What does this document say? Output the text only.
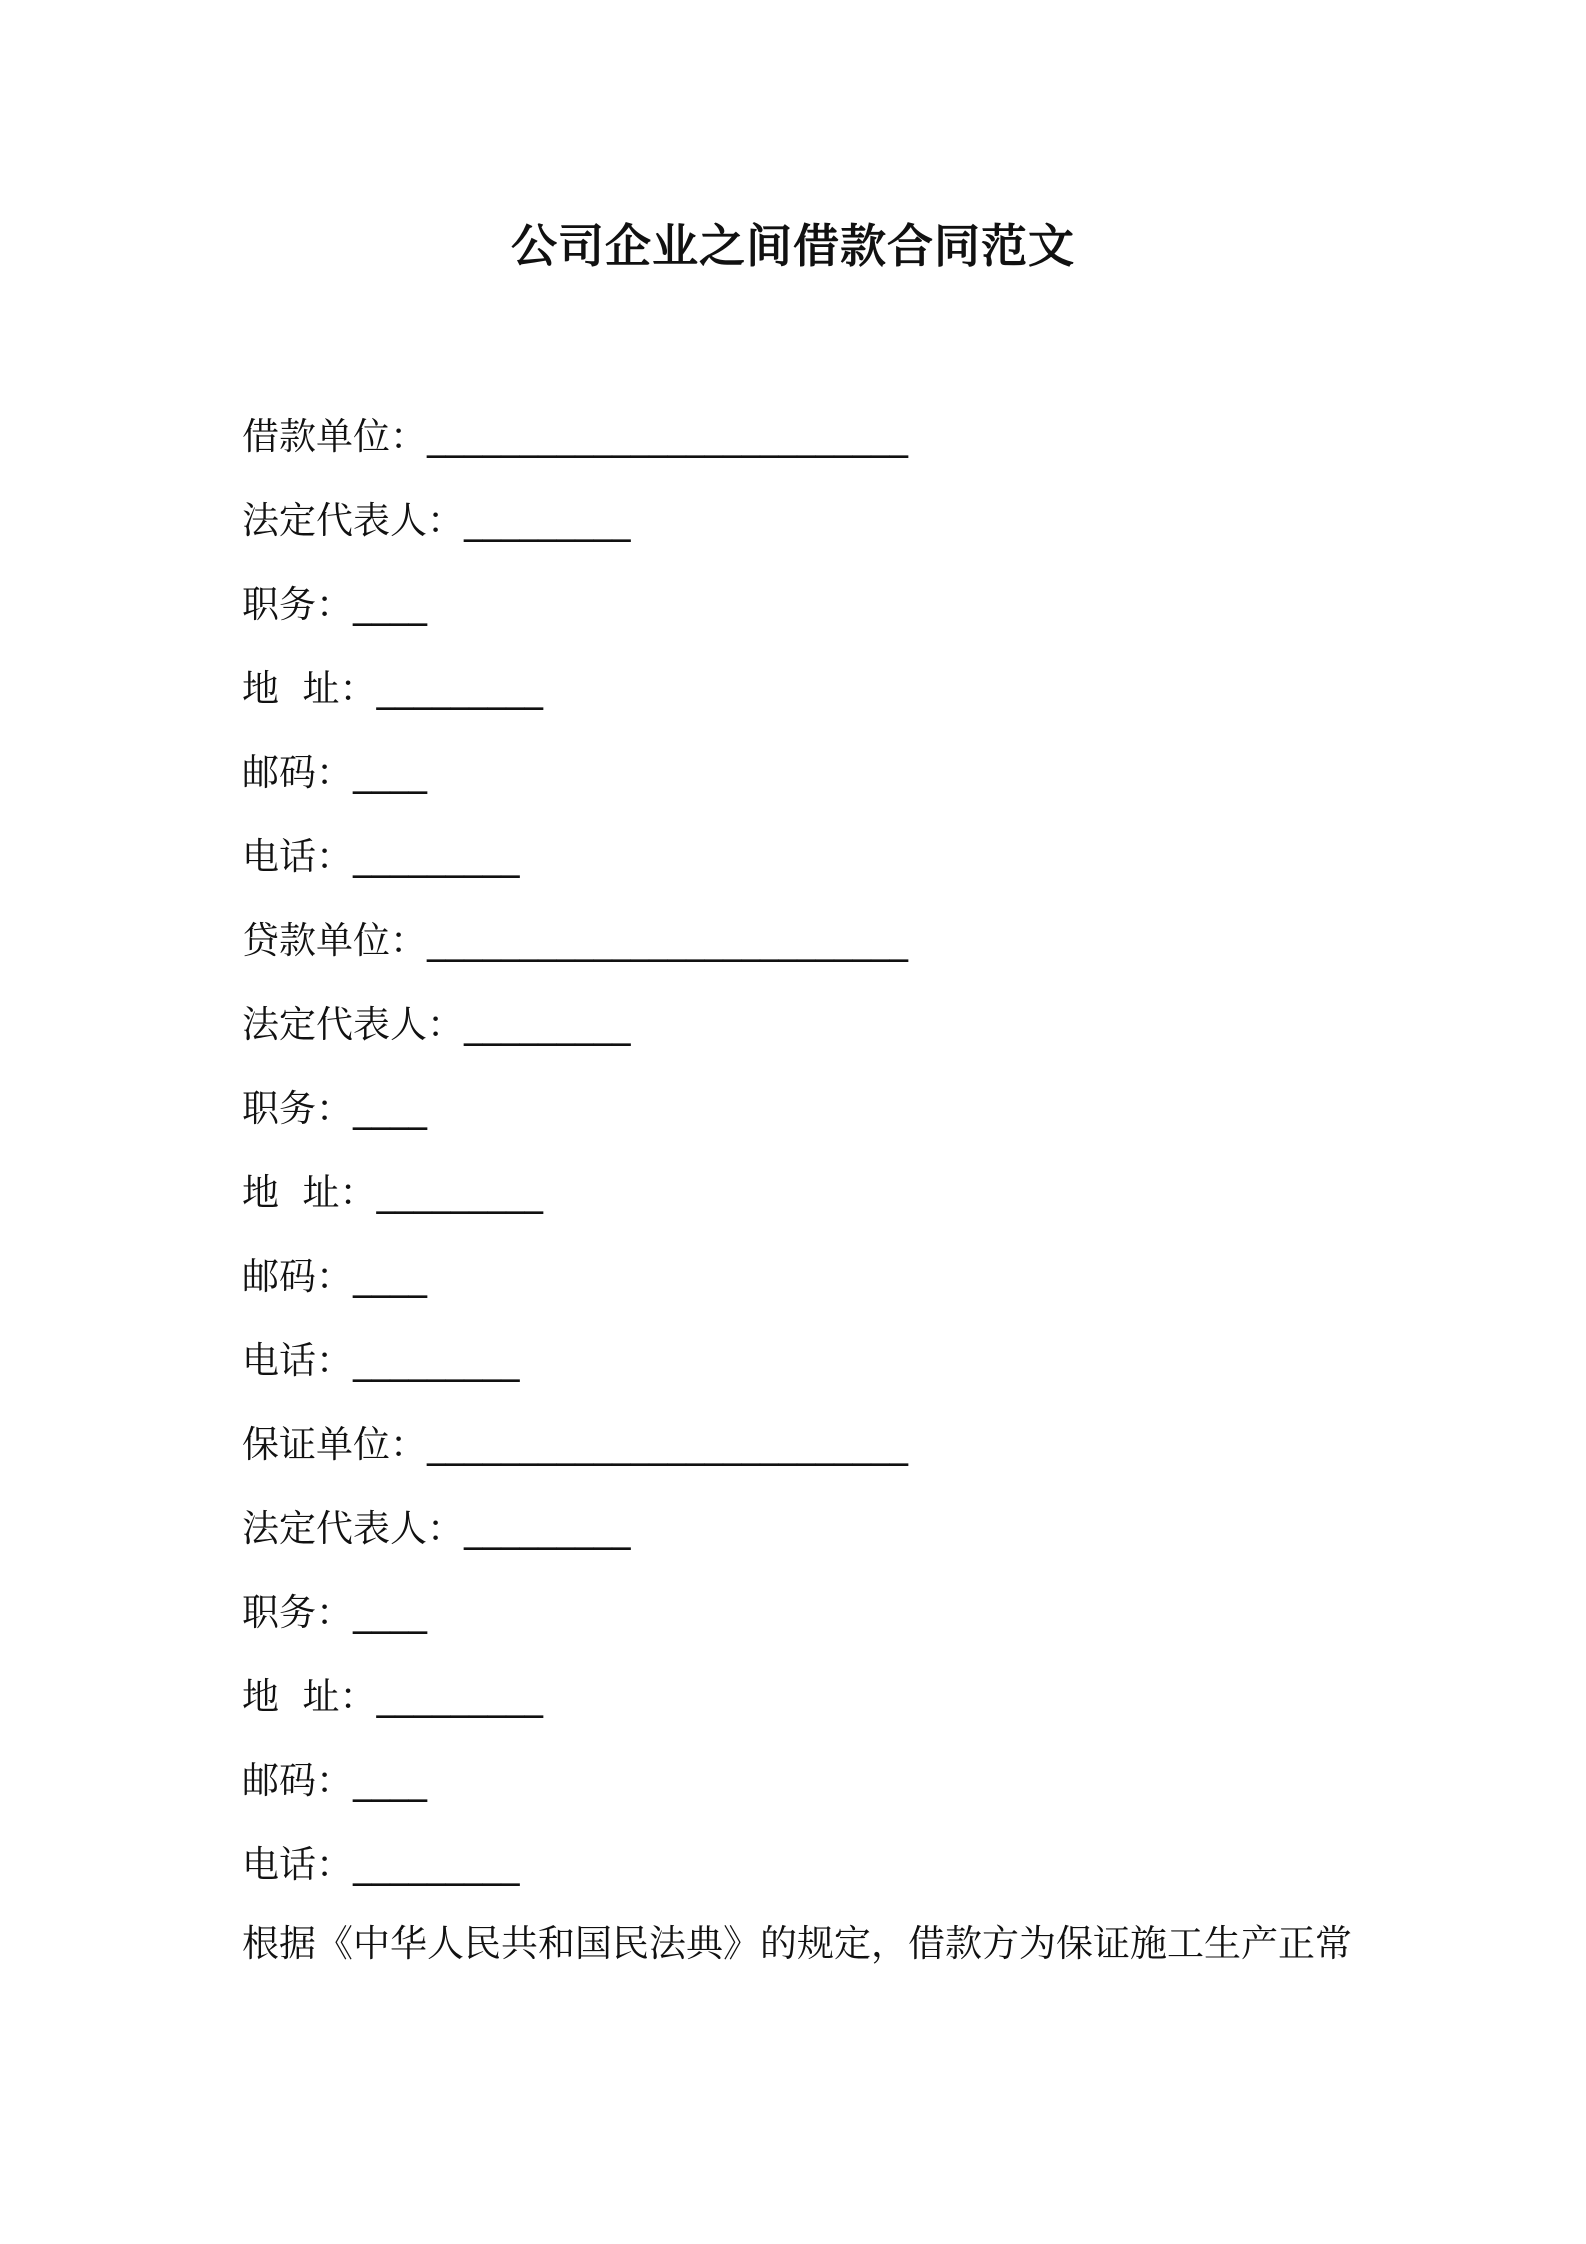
公司企业之间借款合同范文
借款单位：__________________________
法定代表人：_________
职务：____
地  址：_________
邮码：____
电话：_________
贷款单位：__________________________
法定代表人：_________
职务：____
地  址：_________
邮码：____
电话：_________
保证单位：__________________________
法定代表人：_________
职务：____
地  址：_________
邮码：____
电话：_________
根据《中华人民共和国民法典》的规定，借款方为保证施工生产正常
